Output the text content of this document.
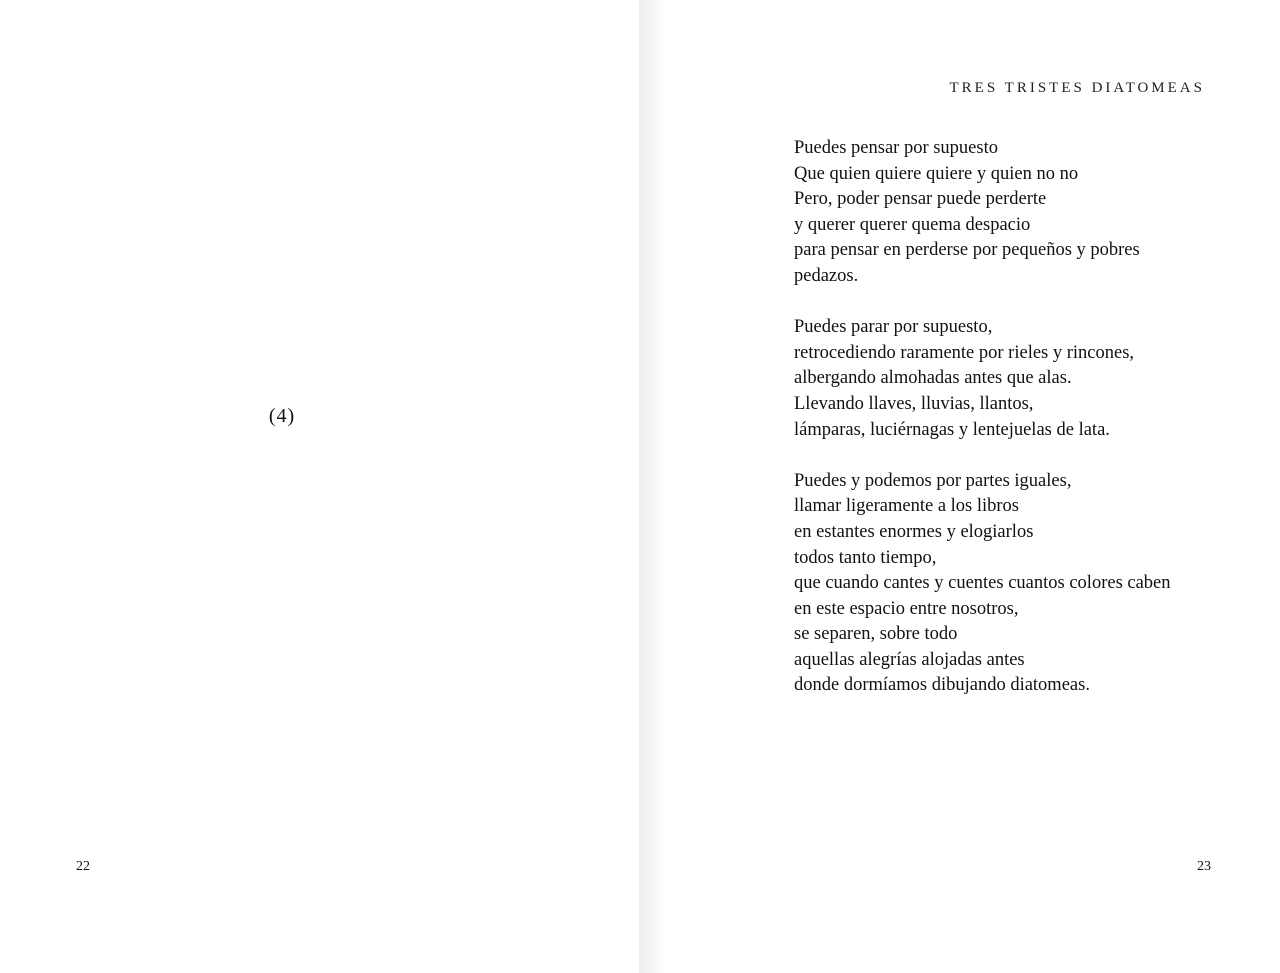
(4)
22
TRES TRISTES DIATOMEAS
Puedes pensar por supuesto
Que quien quiere quiere y quien no no
Pero, poder pensar puede perderte
y querer querer quema despacio
para pensar en perderse por pequeños y pobres
pedazos.
Puedes parar por supuesto,
retrocediendo raramente por rieles y rincones,
albergando almohadas antes que alas.
Llevando llaves, lluvias, llantos,
lámparas, luciérnagas y lentejuelas de lata.
Puedes y podemos por partes iguales,
llamar ligeramente a los libros
en estantes enormes y elogiarlos
todos tanto tiempo,
que cuando cantes y cuentes cuantos colores caben
en este espacio entre nosotros,
se separen, sobre todo
aquellas alegrías alojadas antes
donde dormíamos dibujando diatomeas.
23
